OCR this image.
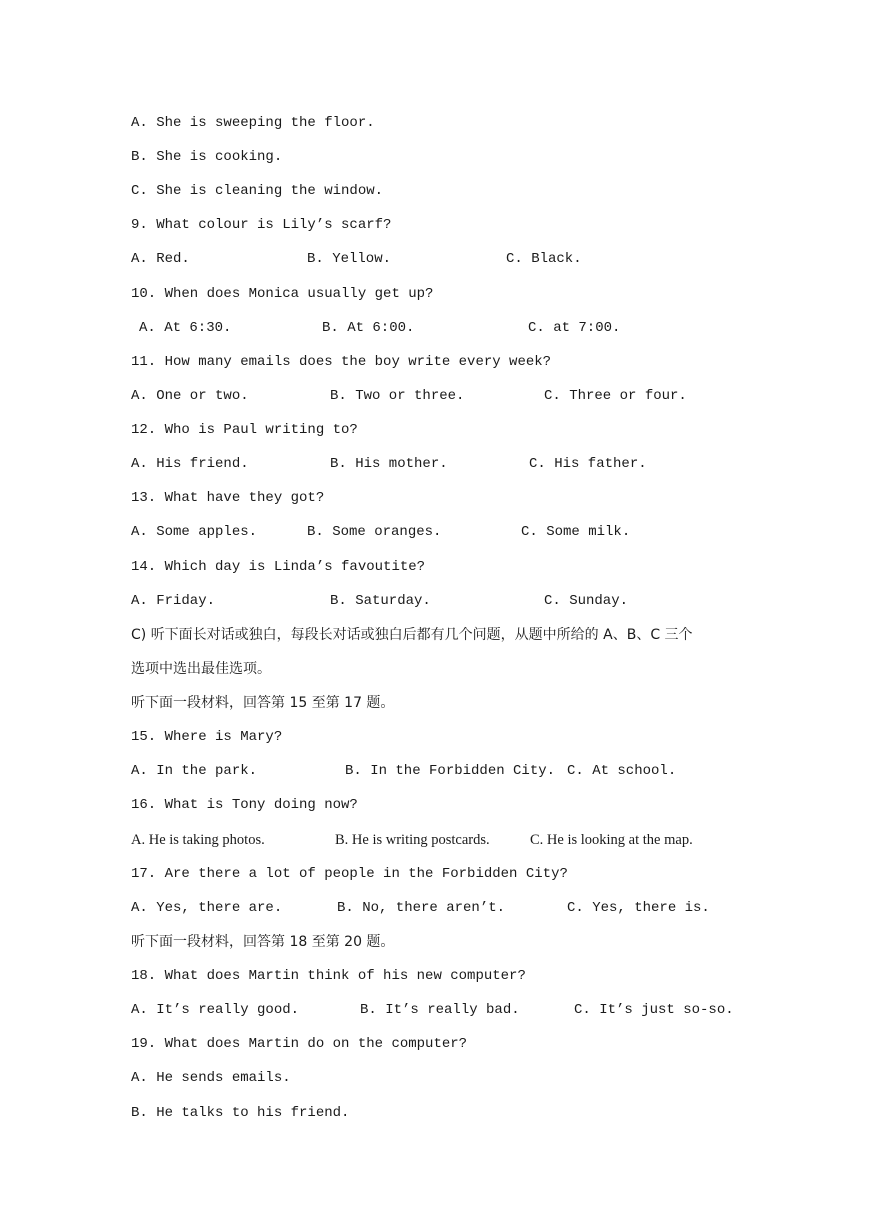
A. She is sweeping the floor.
B. She is cooking.
C. She is cleaning the window.
9. What colour is Lily’s scarf?

A. Red.

	B. Yellow.

	C. Black.

10. When does Monica usually get up?

A. At 6:30.

	B. At 6:00.

	C. at 7:00.

11. How many emails does the boy write every week?

A. One or two.

	B. Two or three.

	C. Three or four.

12. Who is Paul writing to?

A. His friend.

	B. His mother.

	C. His father.

13. What have they got?

A. Some apples.

	B. Some oranges.

	C. Some milk.

14. Which day is Linda’s favoutite?

A. Friday.

	B. Saturday.

	C. Sunday.

C) 听下面长对话或独白，每段长对话或独白后都有几个问题，从题中所给的 A、B、C 三个
选项中选出最佳选项。
听下面一段材料，回答第 15 至第 17 题。
15. Where is Mary?

A. In the park.

	B. In the Forbidden City.

C. At school.

16. What is Tony doing now?

A. He is taking photos.

	B. He is writing postcards.

	C. He is looking at the map.

17. Are there a lot of people in the Forbidden City?

A. Yes, there are.

	B. No, there aren’t.

	C. Yes, there is.

听下面一段材料，回答第 18 至第 20 题。
18. What does Martin think of his new computer?

A. It’s really good.

	B. It’s really bad.

	C. It’s just so-so.

19. What does Martin do on the computer?
A. He sends emails.
B. He talks to his friend.
